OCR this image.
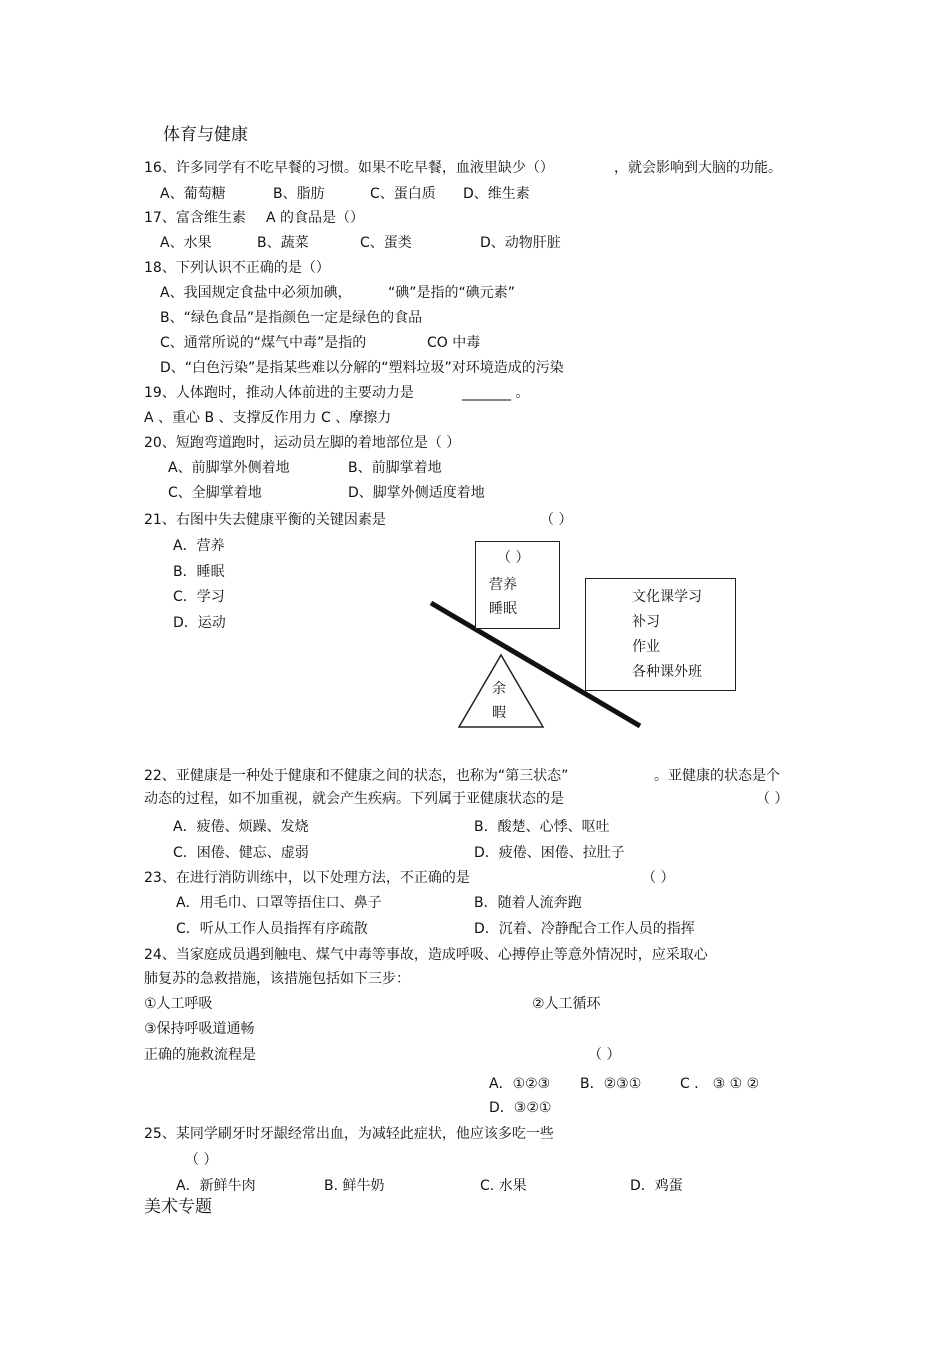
体育与健康
16、许多同学有不吃早餐的习惯。如果不吃早餐，血液里缺少（）	，就会影响到大脑的功能。
A、葡萄糖	B、脂肪	C、蛋白质 D、维生素
17、富含维生素 A 的食品是（）
A、水果	B、蔬菜	C、蛋类	D、动物肝脏
18、下列认识不正确的是（）
A、我国规定食盐中必须加碘，	“碘”是指的“碘元素”
B、“绿色食品”是指颜色一定是绿色的食品
C、通常所说的“煤气中毒”是指的	CO 中毒
D、“白色污染”是指某些难以分解的“塑料垃圾”对环境造成的污染
19、人体跑时，推动人体前进的主要动力是	_______ 。
A 、重心 B 、支撑反作用力 C 、摩擦力
20、短跑弯道跑时，运动员左脚的着地部位是（ ）
A、前脚掌外侧着地	B、前脚掌着地
C、全脚掌着地	D、脚掌外侧适度着地
21、右图中失去健康平衡的关键因素是	（ ）
A．营养
B．睡眠
C．学习
D．运动
（ ）
营养
睡眠
文化课学习
补习
作业
各种课外班
余
暇
22、亚健康是一种处于健康和不健康之间的状态，也称为“第三状态”	。亚健康的状态是个
动态的过程，如不加重视，就会产生疾病。下列属于亚健康状态的是	（ ）
A．疲倦、烦躁、发烧	B．酸楚、心悸、呕吐
C．困倦、健忘、虚弱	D．疲倦、困倦、拉肚子
23、在进行消防训练中，以下处理方法，不正确的是	（ ）
A．用毛巾、口罩等捂住口、鼻子	B．随着人流奔跑
C．听从工作人员指挥有序疏散	D．沉着、冷静配合工作人员的指挥
24、当家庭成员遇到触电、煤气中毒等事故，造成呼吸、心搏停止等意外情况时，应采取心
肺复苏的急救措施，该措施包括如下三步：
①人工呼吸	②人工循环
③保持呼吸道通畅
正确的施救流程是	（ ）
A．①②③ B．②③①	C ． ③ ① ②
D．③②①
25、某同学刷牙时牙龈经常出血，为减轻此症状，他应该多吃一些
（ ）
A．新鲜牛肉	B. 鲜牛奶	C. 水果	D．鸡蛋
美术专题
